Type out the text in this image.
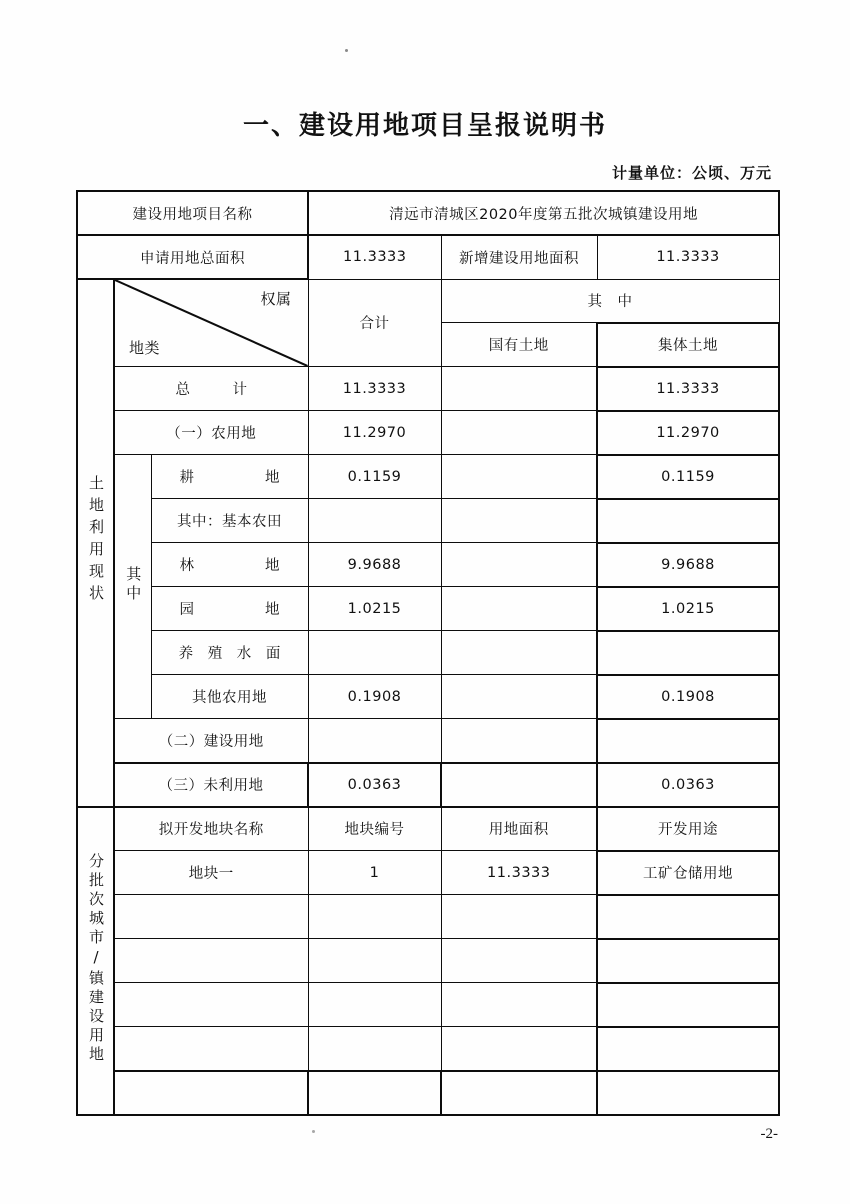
一、建设用地项目呈报说明书
计量单位：公顷、万元
建设用地项目名称			清远市清城区2020年度第五批次城镇建设用地		
申请用地总面积			11.3333	新增建设用地面积	11.3333
土地利用现状	权属
地类		合计	其　中	
				国有土地	集体土地
	总　计		11.3333		11.3333
	（一）农用地		11.2970		11.2970
	其中	耕　　地	0.1159		0.1159
		其中：基本农田			
		林　　地	9.9688		9.9688
		园　　地	1.0215		1.0215
		养 殖 水 面			
		其他农用地	0.1908		0.1908
	（二）建设用地				
	（三）未利用地		0.0363		0.0363
分批次城市/镇建设用地	拟开发地块名称		地块编号	用地面积	开发用途
	地块一		1	11.3333	工矿仓储用地

-2-
